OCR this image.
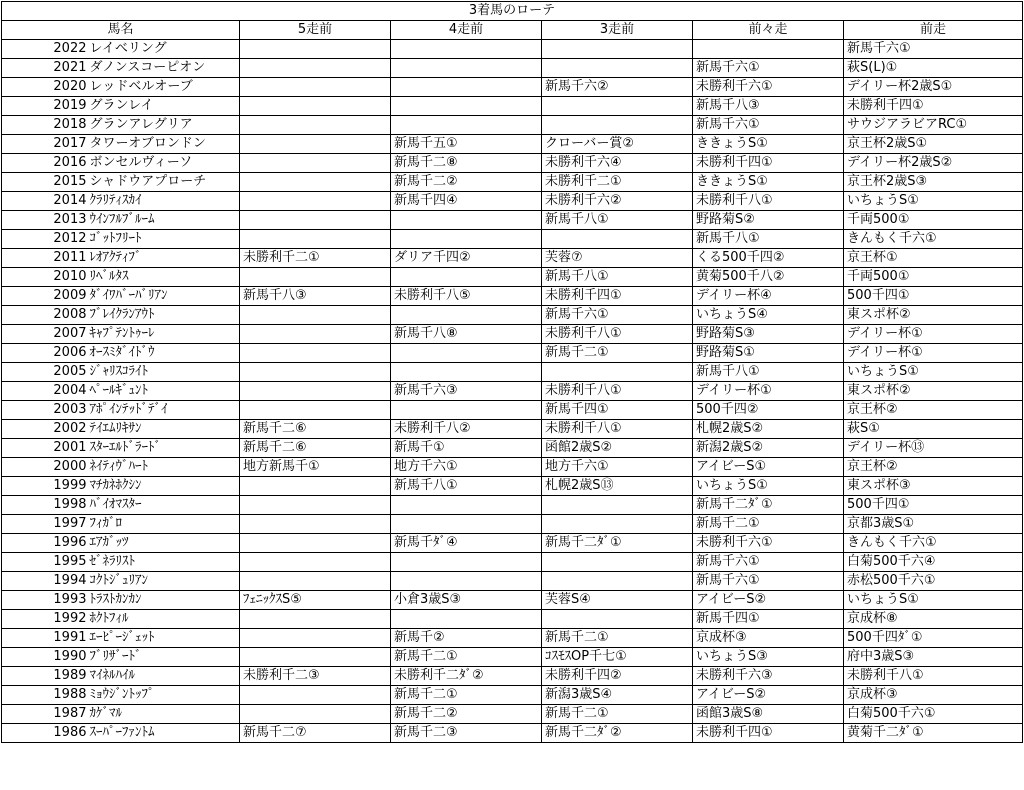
3着馬のローテ						
馬名		5走前	4走前	3走前	前々走	前走
2022	レイベリング					新馬千六①
2021	ダノンスコーピオン				新馬千六①	萩S(L)①
2020	レッドベルオーブ			新馬千六②	未勝利千六①	デイリー杯2歳S①
2019	グランレイ				新馬千八③	未勝利千四①
2018	グランアレグリア				新馬千六①	サウジアラビアRC①
2017	タワーオブロンドン		新馬千五①	クローバー賞②	ききょうS①	京王杯2歳S①
2016	ボンセルヴィーソ		新馬千二⑧	未勝利千六④	未勝利千四①	デイリー杯2歳S②
2015	シャドウアプローチ		新馬千二②	未勝利千二①	ききょうS①	京王杯2歳S③
2014	ｸﾗﾘﾃｨｽｶｲ		新馬千四④	未勝利千六②	未勝利千八①	いちょうS①
2013	ｳｲﾝﾌﾙﾌﾞﾙｰﾑ			新馬千八①	野路菊S②	千両500①
2012	ｺﾞｯﾄﾌﾘｰﾄ				新馬千八①	きんもく千六①
2011	ﾚｵｱｸﾃｨﾌﾞ	未勝利千二①	ダリア千四②	芙蓉⑦	くる500千四②	京王杯①
2010	ﾘﾍﾞﾙﾀｽ			新馬千八①	黄菊500千八②	千両500①
2009	ﾀﾞｲﾜﾊﾞｰﾊﾞﾘｱﾝ	新馬千八③	未勝利千八⑤	未勝利千四①	デイリー杯④	500千四①
2008	ﾌﾞﾚｲｸﾗﾝｱｳﾄ			新馬千六①	いちょうS④	東スポ杯②
2007	ｷｬﾌﾟﾃﾝﾄｩｰﾚ		新馬千八⑧	未勝利千八①	野路菊S③	デイリー杯①
2006	ｵｰｽﾐﾀﾞｲﾄﾞｳ			新馬千二①	野路菊S①	デイリー杯①
2005	ｼﾞｬﾘｽｺﾗｲﾄ				新馬千八①	いちょうS①
2004	ﾍﾟｰﾙｷﾞｭﾝﾄ		新馬千六③	未勝利千八①	デイリー杯①	東スポ杯②
2003	ｱﾎﾟｲﾝﾃｯﾄﾞﾃﾞｲ			新馬千四①	500千四②	京王杯②
2002	ﾃｲｴﾑﾘｷｻﾝ	新馬千二⑥	未勝利千八②	未勝利千八①	札幌2歳S②	萩S①
2001	ｽﾀｰｴﾙﾄﾞﾗｰﾄﾞ	新馬千二⑥	新馬千①	函館2歳S②	新潟2歳S②	デイリー杯⑬
2000	ﾈｲﾃｨｳﾞﾊｰﾄ	地方新馬千①	地方千六①	地方千六①	アイビーS①	京王杯②
1999	ﾏﾁｶﾈﾎｸｼﾝ		新馬千八①	札幌2歳S⑬	いちょうS①	東スポ杯③
1998	ﾊﾞｲｵﾏｽﾀｰ				新馬千二ﾀﾞ①	500千四①
1997	ﾌｨｶﾞﾛ				新馬千二①	京都3歳S①
1996	ｴｱｶﾞｯﾂ		新馬千ﾀﾞ④	新馬千二ﾀﾞ①	未勝利千六①	きんもく千六①
1995	ｾﾞﾈﾗﾘｽﾄ				新馬千六①	白菊500千六④
1994	ｺｸﾄｼﾞｭﾘｱﾝ				新馬千六①	赤松500千六①
1993	ﾄﾗｽﾄｶﾝｶﾝ	ﾌｪﾆｯｸｽS⑤	小倉3歳S③	芙蓉S④	アイビーS②	いちょうS①
1992	ﾎｸﾄﾌｨﾙ				新馬千四①	京成杯⑧
1991	ｴｰﾋﾟｰｼﾞｪｯﾄ		新馬千②	新馬千二①	京成杯③	500千四ﾀﾞ①
1990	ﾌﾞﾘｻﾞｰﾄﾞ		新馬千二①	ｺｽﾓｽOP千七①	いちょうS③	府中3歳S③
1989	ﾏｲﾈﾙﾊｲﾙ	未勝利千二③	未勝利千二ﾀﾞ②	未勝利千四②	未勝利千六③	未勝利千八①
1988	ﾐｮｳｼﾞﾝﾄｯﾌﾟ		新馬千二①	新潟3歳S④	アイビーS②	京成杯③
1987	ｶｹﾞﾏﾙ		新馬千二②	新馬千二①	函館3歳S⑧	白菊500千六①
1986	ｽｰﾊﾟｰﾌｧﾝﾄﾑ	新馬千二⑦	新馬千二③	新馬千二ﾀﾞ②	未勝利千四①	黄菊千二ﾀﾞ①
